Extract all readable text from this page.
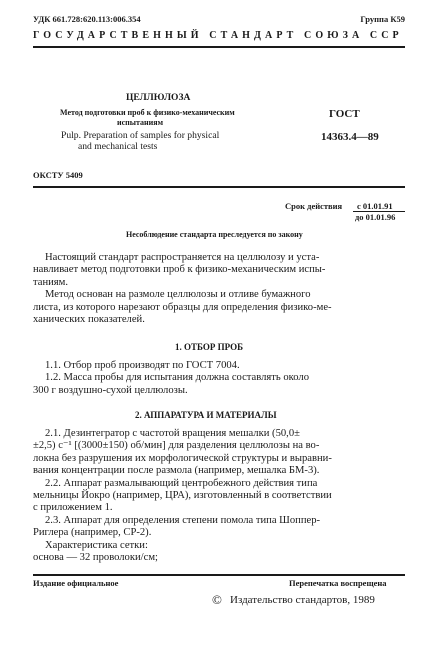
УДК 661.728:620.113:006.354	Группа К59
ГОСУДАРСТВЕННЫЙ СТАНДАРТ СОЮЗА ССР
ЦЕЛЛЮЛОЗА
Метод подготовки проб к физико-механическим
испытаниям
Pulp. Preparation of samples for physical
and mechanical tests
ГОСТ
14363.4—89
ОКСТУ 5409
Срок действия с 01.01.91
до 01.01.96
Несоблюдение стандарта преследуется по закону
Настоящий стандарт распространяется на целлюлозу и уста-
навливает метод подготовки проб к физико-механическим испы-
таниям.
Метод основан на размоле целлюлозы и отливе бумажного
листа, из которого нарезают образцы для определения физико-ме-
ханических показателей.
1. ОТБОР ПРОБ
1.1. Отбор проб производят по ГОСТ 7004.
1.2. Масса пробы для испытания должна составлять около
300 г воздушно-сухой целлюлозы.
2. АППАРАТУРА И МАТЕРИАЛЫ
2.1. Дезинтегратор с частотой вращения мешалки (50,0±
±2,5) с⁻¹ [(3000±150) об/мин] для разделения целлюлозы на во-
локна без разрушения их морфологической структуры и выравни-
вания концентрации после размола (например, мешалка БМ-3).
2.2. Аппарат размалывающий центробежного действия типа
мельницы Йокро (например, ЦРА), изготовленный в соответствии
с приложением 1.
2.3. Аппарат для определения степени помола типа Шоппер-
Риглера (например, СР-2).
Характеристика сетки:
основа — 32 проволоки/см;
Издание официальное	Перепечатка воспрещена
© Издательство стандартов, 1989
